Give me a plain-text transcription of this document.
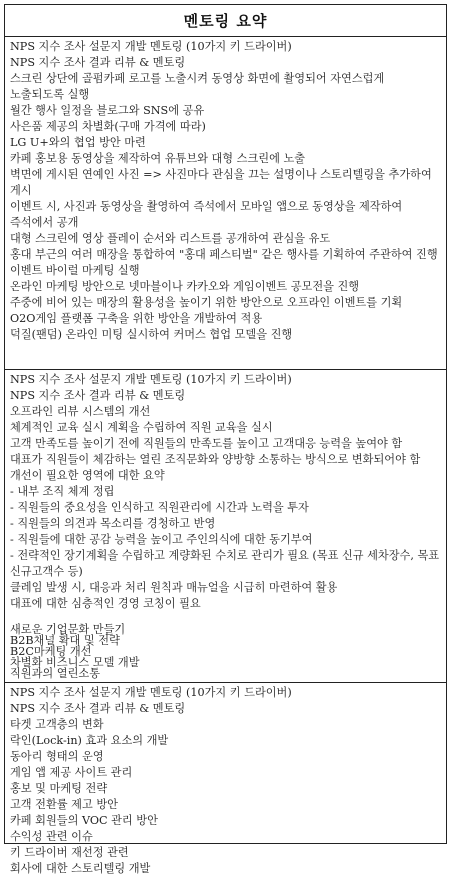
멘토링 요약
NPS 지수 조사 설문지 개발 멘토링 (10가지 키 드라이버)
NPS 지수 조사 결과 리뷰 & 멘토링
스크린 상단에 골펌카페 로고를 노출시켜 동영상 화면에 촬영되어 자연스럽게 노출되도록 실행
월간 행사 일정을 블로그와 SNS에 공유
사은품 제공의 차별화(구매 가격에 따라)
LG U+와의 협업 방안 마련
카페 홍보용 동영상을 제작하여 유튜브와 대형 스크린에 노출
벽면에 게시된 연예인 사진 => 사진마다 관심을 끄는 설명이나 스토리텔링을 추가하여 게시
이벤트 시, 사진과 동영상을 촬영하여 즉석에서 모바일 앱으로 동영상을 제작하여 즉석에서 공개
대형 스크린에 영상 플레이 순서와 리스트를 공개하여 관심을 유도
홍대 부근의 여러 매장을 통합하여 "홍대 페스티벌" 같은 행사를 기획하여 주관하여 진행
이벤트 바이럴 마케팅 실행
온라인 마케팅 방안으로 넷마블이나 카카오와 게임이벤트 공모전을 진행
주중에 비어 있는 매장의 활용성을 높이기 위한 방안으로 오프라인 이벤트를 기획
O2O게임 플랫폼 구축을 위한 방안을 개발하여 적용
덕질(팬덤) 온라인 미팅 실시하여 커머스 협업 모델을 진행
NPS 지수 조사 설문지 개발 멘토링 (10가지 키 드라이버)
NPS 지수 조사 결과 리뷰 & 멘토링
오프라인 리뷰 시스템의 개선
체계적인 교육 실시 계획을 수립하여 직원 교육을 실시
고객 만족도를 높이기 전에 직원들의 만족도를 높이고 고객대응 능력을 높여야 함
대표가 직원들이 체감하는 열린 조직문화와 양방향 소통하는 방식으로 변화되어야 함
개선이 필요한 영역에 대한 요약
- 내부 조직 체계 정립
- 직원들의 중요성을 인식하고 직원관리에 시간과 노력을 투자
- 직원들의 의견과 목소리를 경청하고 반영
- 직원들에 대한 공감 능력을 높이고 주인의식에 대한 동기부여
- 전략적인 장기계획을 수립하고 계량화된 수치로 관리가 필요 (목표 신규 세차장수, 목표 신규고객수 등)
클레임 발생 시, 대응과 처리 원칙과 매뉴얼을 시급히 마련하여 활용
대표에 대한 심층적인 경영 코칭이 필요
새로운 기업문화 만들기
B2B채널 확대 및 전략
B2C마케팅 개선
차별화 비즈니스 모델 개발
직원과의 열린소통
NPS 지수 조사 설문지 개발 멘토링 (10가지 키 드라이버)
NPS 지수 조사 결과 리뷰 & 멘토링
타겟 고객층의 변화
락인(Lock-in) 효과 요소의 개발
동아리 형태의 운영
게임 앱 제공 사이트 관리
홍보 및 마케팅 전략
고객 전환률 제고 방안
카페 회원들의 VOC 관리 방안
수익성 관련 이슈
키 드라이버 재선정 관련
회사에 대한 스토리텔링 개발
